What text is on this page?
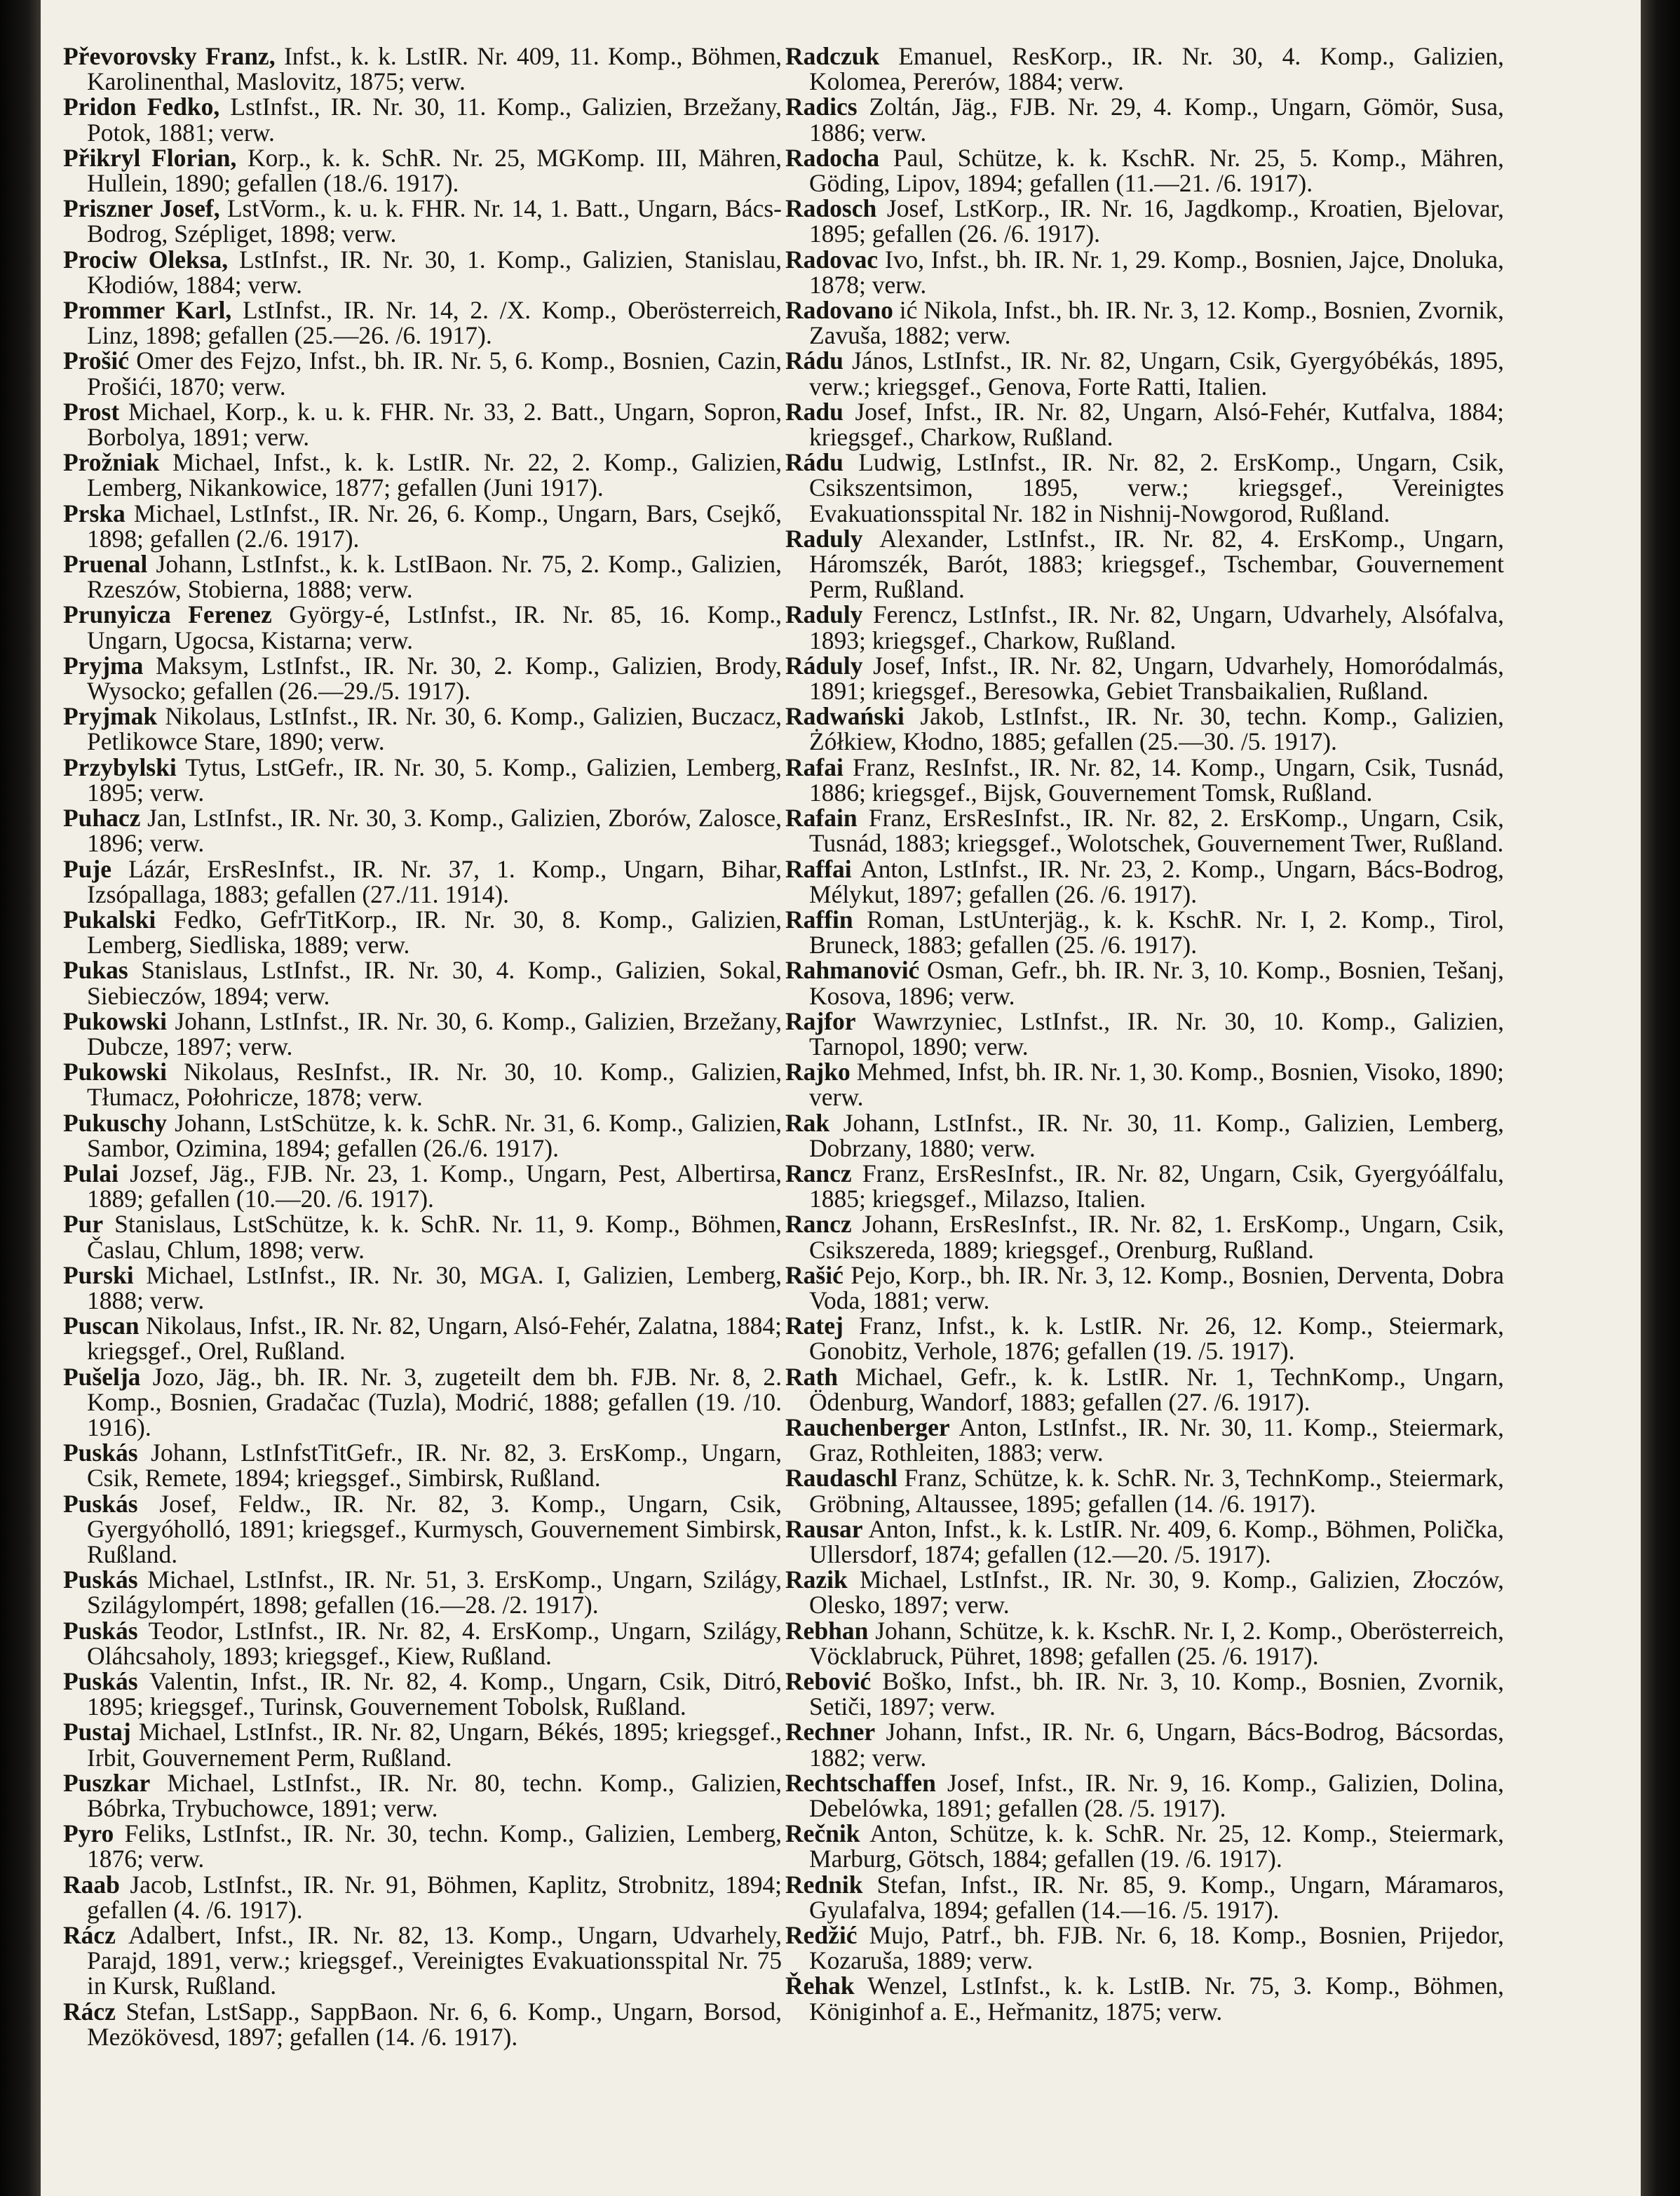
Převorovsky Franz, Infst., k. k. LstIR. Nr. 409, 11. Komp., Böhmen, Karolinenthal, Maslovitz, 1875; verw.

Pridon Fedko, LstInfst., IR. Nr. 30, 11. Komp., Galizien, Brzežany, Potok, 1881; verw.

Přikryl Florian, Korp., k. k. SchR. Nr. 25, MGKomp. III, Mähren, Hullein, 1890; gefallen (18./6. 1917).

Priszner Josef, LstVorm., k. u. k. FHR. Nr. 14, 1. Batt., Ungarn, Bács-Bodrog, Szépliget, 1898; verw.

Prociw Oleksa, LstInfst., IR. Nr. 30, 1. Komp., Galizien, Stanislau, Kłodiów, 1884; verw.

Prommer Karl, LstInfst., IR. Nr. 14, 2. /X. Komp., Oberösterreich, Linz, 1898; gefallen (25.—26. /6. 1917).

Prošić Omer des Fejzo, Infst., bh. IR. Nr. 5, 6. Komp., Bosnien, Cazin, Prošići, 1870; verw.

Prost Michael, Korp., k. u. k. FHR. Nr. 33, 2. Batt., Ungarn, Sopron, Borbolya, 1891; verw.

Prožniak Michael, Infst., k. k. LstIR. Nr. 22, 2. Komp., Galizien, Lemberg, Nikankowice, 1877; gefallen (Juni 1917).

Prska Michael, LstInfst., IR. Nr. 26, 6. Komp., Ungarn, Bars, Csejkő, 1898; gefallen (2./6. 1917).

Pruenal Johann, LstInfst., k. k. LstIBaon. Nr. 75, 2. Komp., Galizien, Rzeszów, Stobierna, 1888; verw.

Prunyicza Ferenez György-é, LstInfst., IR. Nr. 85, 16. Komp., Ungarn, Ugocsa, Kistarna; verw.

Pryjma Maksym, LstInfst., IR. Nr. 30, 2. Komp., Galizien, Brody, Wysocko; gefallen (26.—29./5. 1917).

Pryjmak Nikolaus, LstInfst., IR. Nr. 30, 6. Komp., Galizien, Buczacz, Petlikowce Stare, 1890; verw.

Przybylski Tytus, LstGefr., IR. Nr. 30, 5. Komp., Galizien, Lemberg, 1895; verw.

Puhacz Jan, LstInfst., IR. Nr. 30, 3. Komp., Galizien, Zborów, Zalosce, 1896; verw.

Puje Lázár, ErsResInfst., IR. Nr. 37, 1. Komp., Ungarn, Bihar, Izsópallaga, 1883; gefallen (27./11. 1914).

Pukalski Fedko, GefrTitKorp., IR. Nr. 30, 8. Komp., Galizien, Lemberg, Siedliska, 1889; verw.

Pukas Stanislaus, LstInfst., IR. Nr. 30, 4. Komp., Galizien, Sokal, Siebieczów, 1894; verw.

Pukowski Johann, LstInfst., IR. Nr. 30, 6. Komp., Galizien, Brzežany, Dubcze, 1897; verw.

Pukowski Nikolaus, ResInfst., IR. Nr. 30, 10. Komp., Galizien, Tłumacz, Połohricze, 1878; verw.

Pukuschy Johann, LstSchütze, k. k. SchR. Nr. 31, 6. Komp., Galizien, Sambor, Ozimina, 1894; gefallen (26./6. 1917).

Pulai Jozsef, Jäg., FJB. Nr. 23, 1. Komp., Ungarn, Pest, Albertirsa, 1889; gefallen (10.—20. /6. 1917).

Pur Stanislaus, LstSchütze, k. k. SchR. Nr. 11, 9. Komp., Böhmen, Časlau, Chlum, 1898; verw.

Purski Michael, LstInfst., IR. Nr. 30, MGA. I, Galizien, Lemberg, 1888; verw.

Puscan Nikolaus, Infst., IR. Nr. 82, Ungarn, Alsó-Fehér, Zalatna, 1884; kriegsgef., Orel, Rußland.

Pušelja Jozo, Jäg., bh. IR. Nr. 3, zugeteilt dem bh. FJB. Nr. 8, 2. Komp., Bosnien, Gradačac (Tuzla), Modrić, 1888; gefallen (19. /10. 1916).

Puskás Johann, LstInfstTitGefr., IR. Nr. 82, 3. ErsKomp., Ungarn, Csik, Remete, 1894; kriegsgef., Simbirsk, Rußland.

Puskás Josef, Feldw., IR. Nr. 82, 3. Komp., Ungarn, Csik, Gyergyóholló, 1891; kriegsgef., Kurmysch, Gouvernement Simbirsk, Rußland.

Puskás Michael, LstInfst., IR. Nr. 51, 3. ErsKomp., Ungarn, Szilágy, Szilágylompért, 1898; gefallen (16.—28. /2. 1917).

Puskás Teodor, LstInfst., IR. Nr. 82, 4. ErsKomp., Ungarn, Szilágy, Oláhcsaholy, 1893; kriegsgef., Kiew, Rußland.

Puskás Valentin, Infst., IR. Nr. 82, 4. Komp., Ungarn, Csik, Ditró, 1895; kriegsgef., Turinsk, Gouvernement Tobolsk, Rußland.

Pustaj Michael, LstInfst., IR. Nr. 82, Ungarn, Békés, 1895; kriegsgef., Irbit, Gouvernement Perm, Rußland.

Puszkar Michael, LstInfst., IR. Nr. 80, techn. Komp., Galizien, Bóbrka, Trybuchowce, 1891; verw.

Pyro Feliks, LstInfst., IR. Nr. 30, techn. Komp., Galizien, Lemberg, 1876; verw.

Raab Jacob, LstInfst., IR. Nr. 91, Böhmen, Kaplitz, Strobnitz, 1894; gefallen (4. /6. 1917).

Rácz Adalbert, Infst., IR. Nr. 82, 13. Komp., Ungarn, Udvarhely, Parajd, 1891, verw.; kriegsgef., Vereinigtes Evakuationsspital Nr. 75 in Kursk, Rußland.

Rácz Stefan, LstSapp., SappBaon. Nr. 6, 6. Komp., Ungarn, Borsod, Mezökövesd, 1897; gefallen (14. /6. 1917).

Radczuk Emanuel, ResKorp., IR. Nr. 30, 4. Komp., Galizien, Kolomea, Pererów, 1884; verw.

Radics Zoltán, Jäg., FJB. Nr. 29, 4. Komp., Ungarn, Gömör, Susa, 1886; verw.

Radocha Paul, Schütze, k. k. KschR. Nr. 25, 5. Komp., Mähren, Göding, Lipov, 1894; gefallen (11.—21. /6. 1917).

Radosch Josef, LstKorp., IR. Nr. 16, Jagdkomp., Kroatien, Bjelovar, 1895; gefallen (26. /6. 1917).

Radovac Ivo, Infst., bh. IR. Nr. 1, 29. Komp., Bosnien, Jajce, Dnoluka, 1878; verw.

Radovano ić Nikola, Infst., bh. IR. Nr. 3, 12. Komp., Bosnien, Zvornik, Zavuša, 1882; verw.

Rádu János, LstInfst., IR. Nr. 82, Ungarn, Csik, Gyergyóbékás, 1895, verw.; kriegsgef., Genova, Forte Ratti, Italien.

Radu Josef, Infst., IR. Nr. 82, Ungarn, Alsó-Fehér, Kutfalva, 1884; kriegsgef., Charkow, Rußland.

Rádu Ludwig, LstInfst., IR. Nr. 82, 2. ErsKomp., Ungarn, Csik, Csikszentsimon, 1895, verw.; kriegsgef., Vereinigtes Evakuationsspital Nr. 182 in Nishnij-Nowgorod, Rußland.

Raduly Alexander, LstInfst., IR. Nr. 82, 4. ErsKomp., Ungarn, Háromszék, Barót, 1883; kriegsgef., Tschembar, Gouvernement Perm, Rußland.

Raduly Ferencz, LstInfst., IR. Nr. 82, Ungarn, Udvarhely, Alsófalva, 1893; kriegsgef., Charkow, Rußland.

Ráduly Josef, Infst., IR. Nr. 82, Ungarn, Udvarhely, Homoródalmás, 1891; kriegsgef., Beresowka, Gebiet Transbaikalien, Rußland.

Radwański Jakob, LstInfst., IR. Nr. 30, techn. Komp., Galizien, Żółkiew, Kłodno, 1885; gefallen (25.—30. /5. 1917).

Rafai Franz, ResInfst., IR. Nr. 82, 14. Komp., Ungarn, Csik, Tusnád, 1886; kriegsgef., Bijsk, Gouvernement Tomsk, Rußland.

Rafain Franz, ErsResInfst., IR. Nr. 82, 2. ErsKomp., Ungarn, Csik, Tusnád, 1883; kriegsgef., Wolotschek, Gouvernement Twer, Rußland.

Raffai Anton, LstInfst., IR. Nr. 23, 2. Komp., Ungarn, Bács-Bodrog, Mélykut, 1897; gefallen (26. /6. 1917).

Raffin Roman, LstUnterjäg., k. k. KschR. Nr. I, 2. Komp., Tirol, Bruneck, 1883; gefallen (25. /6. 1917).

Rahmanović Osman, Gefr., bh. IR. Nr. 3, 10. Komp., Bosnien, Tešanj, Kosova, 1896; verw.

Rajfor Wawrzyniec, LstInfst., IR. Nr. 30, 10. Komp., Galizien, Tarnopol, 1890; verw.

Rajko Mehmed, Infst, bh. IR. Nr. 1, 30. Komp., Bosnien, Visoko, 1890; verw.

Rak Johann, LstInfst., IR. Nr. 30, 11. Komp., Galizien, Lemberg, Dobrzany, 1880; verw.

Rancz Franz, ErsResInfst., IR. Nr. 82, Ungarn, Csik, Gyergyóálfalu, 1885; kriegsgef., Milazso, Italien.

Rancz Johann, ErsResInfst., IR. Nr. 82, 1. ErsKomp., Ungarn, Csik, Csikszereda, 1889; kriegsgef., Orenburg, Rußland.

Rašić Pejo, Korp., bh. IR. Nr. 3, 12. Komp., Bosnien, Derventa, Dobra Voda, 1881; verw.

Ratej Franz, Infst., k. k. LstIR. Nr. 26, 12. Komp., Steiermark, Gonobitz, Verhole, 1876; gefallen (19. /5. 1917).

Rath Michael, Gefr., k. k. LstIR. Nr. 1, TechnKomp., Ungarn, Ödenburg, Wandorf, 1883; gefallen (27. /6. 1917).

Rauchenberger Anton, LstInfst., IR. Nr. 30, 11. Komp., Steiermark, Graz, Rothleiten, 1883; verw.

Raudaschl Franz, Schütze, k. k. SchR. Nr. 3, TechnKomp., Steiermark, Gröbning, Altaussee, 1895; gefallen (14. /6. 1917).

Rausar Anton, Infst., k. k. LstIR. Nr. 409, 6. Komp., Böhmen, Polička, Ullersdorf, 1874; gefallen (12.—20. /5. 1917).

Razik Michael, LstInfst., IR. Nr. 30, 9. Komp., Galizien, Złoczów, Olesko, 1897; verw.

Rebhan Johann, Schütze, k. k. KschR. Nr. I, 2. Komp., Oberösterreich, Vöcklabruck, Pühret, 1898; gefallen (25. /6. 1917).

Rebović Boško, Infst., bh. IR. Nr. 3, 10. Komp., Bosnien, Zvornik, Setiči, 1897; verw.

Rechner Johann, Infst., IR. Nr. 6, Ungarn, Bács-Bodrog, Bácsordas, 1882; verw.

Rechtschaffen Josef, Infst., IR. Nr. 9, 16. Komp., Galizien, Dolina, Debelówka, 1891; gefallen (28. /5. 1917).

Rečnik Anton, Schütze, k. k. SchR. Nr. 25, 12. Komp., Steiermark, Marburg, Götsch, 1884; gefallen (19. /6. 1917).

Rednik Stefan, Infst., IR. Nr. 85, 9. Komp., Ungarn, Máramaros, Gyulafalva, 1894; gefallen (14.—16. /5. 1917).

Redžić Mujo, Patrf., bh. FJB. Nr. 6, 18. Komp., Bosnien, Prijedor, Kozaruša, 1889; verw.

Řehak Wenzel, LstInfst., k. k. LstIB. Nr. 75, 3. Komp., Böhmen, Königinhof a. E., Heřmanitz, 1875; verw.
